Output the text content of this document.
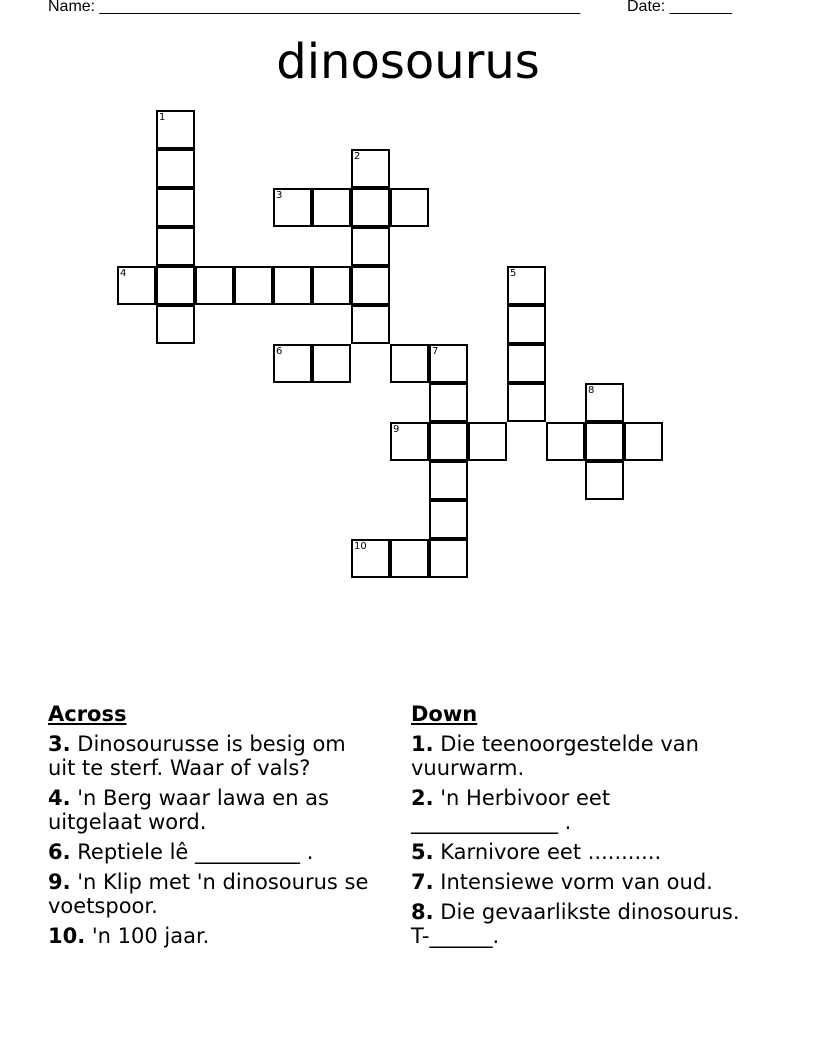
Name: ______________________________________________________	Date: _______
dinosourus
1
2
3
4	5
6	7
8
9
10
Across
3. Dinosourusse is besig om uit te sterf. Waar of vals?
4. 'n Berg waar lawa en as uitgelaat word.
6. Reptiele lê __________ .
9. 'n Klip met 'n dinosourus se voetspoor.
10. 'n 100 jaar.
Down
1. Die teenoorgestelde van vuurwarm.
2. 'n Herbivoor eet ______________ .
5. Karnivore eet ...........
7. Intensiewe vorm van oud.
8. Die gevaarlikste dinosourus. T-______.
